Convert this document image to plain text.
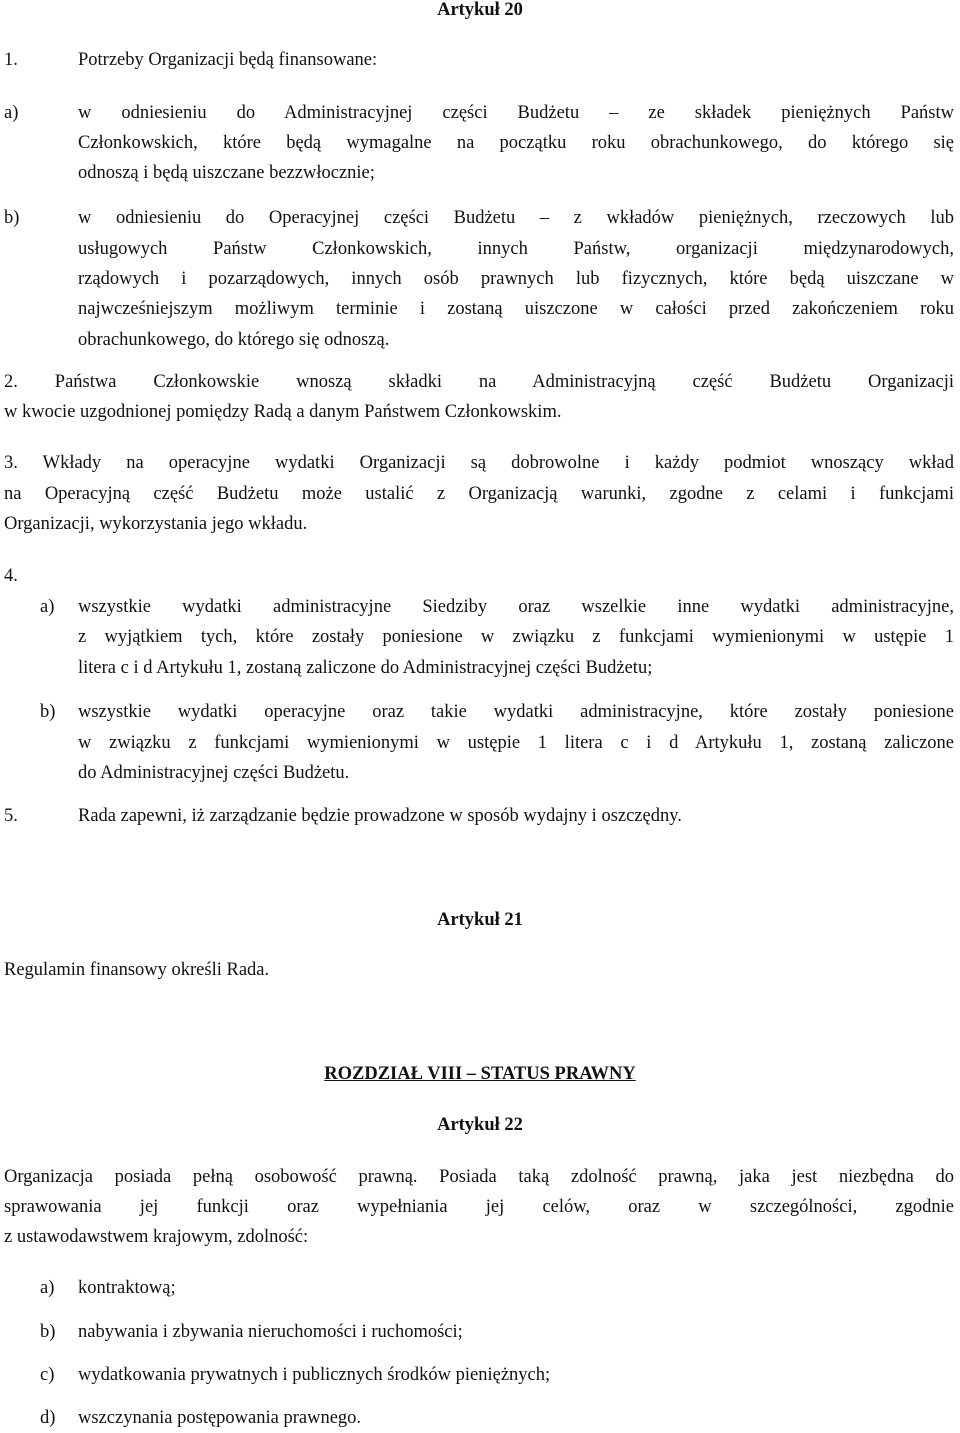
Artykuł 20
1.	Potrzeby Organizacji będą finansowane:
a)	w odniesieniu do Administracyjnej części Budżetu – ze składek pieniężnych Państw
Członkowskich, które będą wymagalne na początku roku obrachunkowego, do którego się
odnoszą i będą uiszczane bezzwłocznie;
b)	w odniesieniu do Operacyjnej części Budżetu – z wkładów pieniężnych, rzeczowych lub
usługowych Państw Członkowskich, innych Państw, organizacji międzynarodowych,
rządowych i pozarządowych, innych osób prawnych lub fizycznych, które będą uiszczane w
najwcześniejszym możliwym terminie i zostaną uiszczone w całości przed zakończeniem roku
obrachunkowego, do którego się odnoszą.
2. Państwa Członkowskie wnoszą składki na Administracyjną część Budżetu Organizacji
w kwocie uzgodnionej pomiędzy Radą a danym Państwem Członkowskim.
3. Wkłady na operacyjne wydatki Organizacji są dobrowolne i każdy podmiot wnoszący wkład
na Operacyjną część Budżetu może ustalić z Organizacją warunki, zgodne z celami i funkcjami
Organizacji, wykorzystania jego wkładu.
4.
a) wszystkie wydatki administracyjne Siedziby oraz wszelkie inne wydatki administracyjne,
z wyjątkiem tych, które zostały poniesione w związku z funkcjami wymienionymi w ustępie 1
litera c i d Artykułu 1, zostaną zaliczone do Administracyjnej części Budżetu;
b) wszystkie wydatki operacyjne oraz takie wydatki administracyjne, które zostały poniesione
w związku z funkcjami wymienionymi w ustępie 1 litera c i d Artykułu 1, zostaną zaliczone
do Administracyjnej części Budżetu.
5.	Rada zapewni, iż zarządzanie będzie prowadzone w sposób wydajny i oszczędny.
Artykuł 21
Regulamin finansowy określi Rada.
ROZDZIAŁ VIII – STATUS PRAWNY
Artykuł 22
Organizacja posiada pełną osobowość prawną. Posiada taką zdolność prawną, jaka jest niezbędna do
sprawowania jej funkcji oraz wypełniania jej celów, oraz w szczególności, zgodnie
z ustawodawstwem krajowym, zdolność:
a) kontraktową;
b) nabywania i zbywania nieruchomości i ruchomości;
c) wydatkowania prywatnych i publicznych środków pieniężnych;
d) wszczynania postępowania prawnego.
